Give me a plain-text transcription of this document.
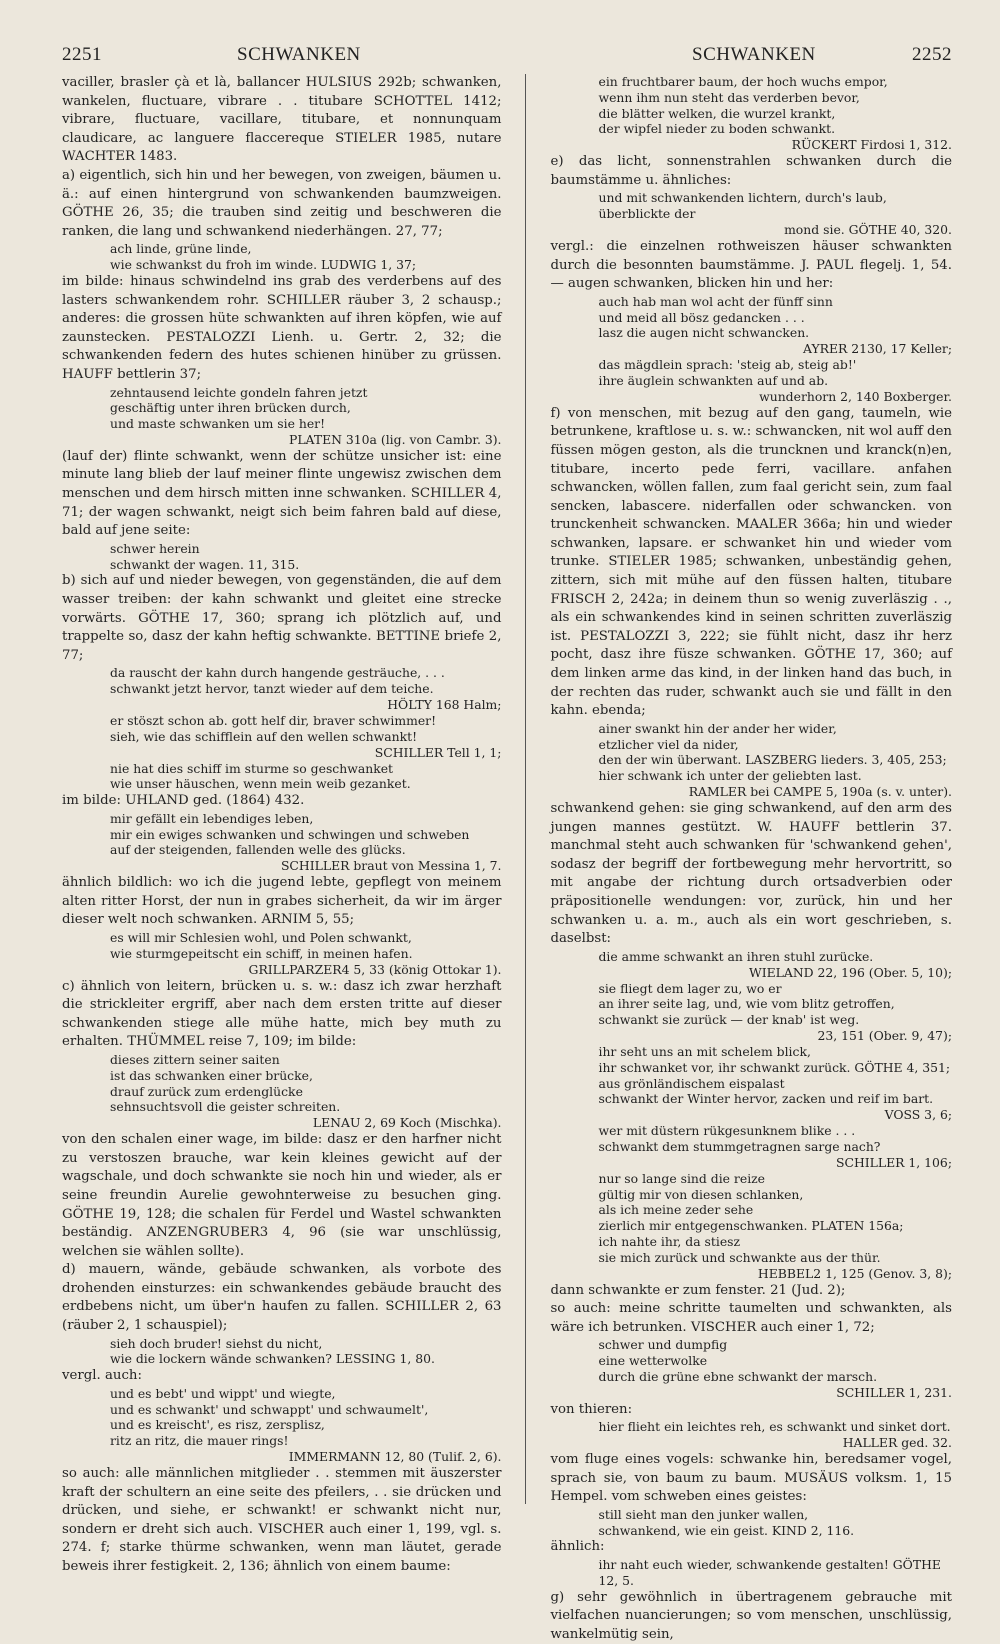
2251	SCHWANKEN	SCHWANKEN	2252
vaciller, brasler çà et là, ballancer HULSIUS 292b; schwanken, wankelen, fluctuare, vibrare . . titubare SCHOTTEL 1412; vibrare, fluctuare, vacillare, titubare, et nonnunquam claudicare, ac languere flaccereque STIELER 1985, nutare WACHTER 1483.
a) eigentlich, sich hin und her bewegen, von zweigen, bäumen u. ä.: auf einen hintergrund von schwankenden baumzweigen. GÖTHE 26, 35; die trauben sind zeitig und beschweren die ranken, die lang und schwankend niederhängen. 27, 77;
ach linde, grüne linde,
wie schwankst du froh im winde. LUDWIG 1, 37;
im bilde: hinaus schwindelnd ins grab des verderbens auf des lasters schwankendem rohr. SCHILLER räuber 3, 2 schausp.; anderes: die grossen hüte schwankten auf ihren köpfen, wie auf zaunstecken. PESTALOZZI Lienh. u. Gertr. 2, 32; die schwankenden federn des hutes schienen hinüber zu grüssen. HAUFF bettlerin 37;
zehntausend leichte gondeln fahren jetzt
geschäftig unter ihren brücken durch,
und maste schwanken um sie her!
PLATEN 310a (lig. von Cambr. 3).
(lauf der) flinte schwankt, wenn der schütze unsicher ist: eine minute lang blieb der lauf meiner flinte ungewisz zwischen dem menschen und dem hirsch mitten inne schwanken. SCHILLER 4, 71; der wagen schwankt, neigt sich beim fahren bald auf diese, bald auf jene seite:
schwer herein
schwankt der wagen. 11, 315.
b) sich auf und nieder bewegen, von gegenständen, die auf dem wasser treiben: der kahn schwankt und gleitet eine strecke vorwärts. GÖTHE 17, 360; sprang ich plötzlich auf, und trappelte so, dasz der kahn heftig schwankte. BETTINE briefe 2, 77;
da rauscht der kahn durch hangende gesträuche, . . .
schwankt jetzt hervor, tanzt wieder auf dem teiche.
HÖLTY 168 Halm;
er stöszt schon ab. gott helf dir, braver schwimmer!
sieh, wie das schifflein auf den wellen schwankt!
SCHILLER Tell 1, 1;
nie hat dies schiff im sturme so geschwanket
wie unser häuschen, wenn mein weib gezanket.
im bilde: UHLAND ged. (1864) 432.
mir gefällt ein lebendiges leben,
mir ein ewiges schwanken und schwingen und schweben
auf der steigenden, fallenden welle des glücks.
SCHILLER braut von Messina 1, 7.
ähnlich bildlich: wo ich die jugend lebte, gepflegt von meinem alten ritter Horst, der nun in grabes sicherheit, da wir im ärger dieser welt noch schwanken. ARNIM 5, 55;
es will mir Schlesien wohl, und Polen schwankt,
wie sturmgepeitscht ein schiff, in meinen hafen.
GRILLPARZER4 5, 33 (könig Ottokar 1).
c) ähnlich von leitern, brücken u. s. w.: dasz ich zwar herzhaft die strickleiter ergriff, aber nach dem ersten tritte auf dieser schwankenden stiege alle mühe hatte, mich bey muth zu erhalten. THÜMMEL reise 7, 109; im bilde:
dieses zittern seiner saiten
ist das schwanken einer brücke,
drauf zurück zum erdenglücke
sehnsuchtsvoll die geister schreiten.
LENAU 2, 69 Koch (Mischka).
von den schalen einer wage, im bilde: dasz er den harfner nicht zu verstoszen brauche, war kein kleines gewicht auf der wagschale, und doch schwankte sie noch hin und wieder, als er seine freundin Aurelie gewohnterweise zu besuchen ging. GÖTHE 19, 128; die schalen für Ferdel und Wastel schwankten beständig. ANZENGRUBER3 4, 96 (sie war unschlüssig, welchen sie wählen sollte).
d) mauern, wände, gebäude schwanken, als vorbote des drohenden einsturzes: ein schwankendes gebäude braucht des erdbebens nicht, um über'n haufen zu fallen. SCHILLER 2, 63 (räuber 2, 1 schauspiel);
sieh doch bruder! siehst du nicht,
wie die lockern wände schwanken? LESSING 1, 80.
vergl. auch:
und es bebt' und wippt' und wiegte,
und es schwankt' und schwappt' und schwaumelt',
und es kreischt', es risz, zersplisz,
ritz an ritz, die mauer rings!
IMMERMANN 12, 80 (Tulif. 2, 6).
so auch: alle männlichen mitglieder . . stemmen mit äuszerster kraft der schultern an eine seite des pfeilers, . . sie drücken und drücken, und siehe, er schwankt! er schwankt nicht nur, sondern er dreht sich auch. VISCHER auch einer 1, 199, vgl. s. 274. f; starke thürme schwanken, wenn man läutet, gerade beweis ihrer festigkeit. 2, 136; ähnlich von einem baume:
ein fruchtbarer baum, der hoch wuchs empor,
wenn ihm nun steht das verderben bevor,
die blätter welken, die wurzel krankt,
der wipfel nieder zu boden schwankt.
RÜCKERT Firdosi 1, 312.
e) das licht, sonnenstrahlen schwanken durch die baumstämme u. ähnliches:
und mit schwankenden lichtern, durch's laub, überblickte der
mond sie. GÖTHE 40, 320.
vergl.: die einzelnen rothweiszen häuser schwankten durch die besonnten baumstämme. J. PAUL flegelj. 1, 54. — augen schwanken, blicken hin und her:
auch hab man wol acht der fünff sinn
und meid all bösz gedancken . . .
lasz die augen nicht schwancken.
AYRER 2130, 17 Keller;
das mägdlein sprach: 'steig ab, steig ab!'
ihre äuglein schwankten auf und ab.
wunderhorn 2, 140 Boxberger.
f) von menschen, mit bezug auf den gang, taumeln, wie betrunkene, kraftlose u. s. w.: schwancken, nit wol auff den füssen mögen geston, als die truncknen und kranck(n)en, titubare, incerto pede ferri, vacillare. anfahen schwancken, wöllen fallen, zum faal gericht sein, zum faal sencken, labascere. niderfallen oder schwancken. von trunckenheit schwancken. MAALER 366a; hin und wieder schwanken, lapsare. er schwanket hin und wieder vom trunke. STIELER 1985; schwanken, unbeständig gehen, zittern, sich mit mühe auf den füssen halten, titubare FRISCH 2, 242a; in deinem thun so wenig zuverläszig . ., als ein schwankendes kind in seinen schritten zuverläszig ist. PESTALOZZI 3, 222; sie fühlt nicht, dasz ihr herz pocht, dasz ihre füsze schwanken. GÖTHE 17, 360; auf dem linken arme das kind, in der linken hand das buch, in der rechten das ruder, schwankt auch sie und fällt in den kahn. ebenda;
ainer swankt hin der ander her wider,
etzlicher viel da nider,
den der win überwant. LASZBERG lieders. 3, 405, 253;
hier schwank ich unter der geliebten last.
RAMLER bei CAMPE 5, 190a (s. v. unter).
schwankend gehen: sie ging schwankend, auf den arm des jungen mannes gestützt. W. HAUFF bettlerin 37. manchmal steht auch schwanken für 'schwankend gehen', sodasz der begriff der fortbewegung mehr hervortritt, so mit angabe der richtung durch ortsadverbien oder präpositionelle wendungen: vor, zurück, hin und her schwanken u. a. m., auch als ein wort geschrieben, s. daselbst:
die amme schwankt an ihren stuhl zurücke.
WIELAND 22, 196 (Ober. 5, 10);
sie fliegt dem lager zu, wo er
an ihrer seite lag, und, wie vom blitz getroffen,
schwankt sie zurück — der knab' ist weg.
23, 151 (Ober. 9, 47);
ihr seht uns an mit schelem blick,
ihr schwanket vor, ihr schwankt zurück. GÖTHE 4, 351;
aus grönländischem eispalast
schwankt der Winter hervor, zacken und reif im bart.
VOSS 3, 6;
wer mit düstern rükgesunknem blike . . .
schwankt dem stummgetragnen sarge nach?
SCHILLER 1, 106;
nur so lange sind die reize
gültig mir von diesen schlanken,
als ich meine zeder sehe
zierlich mir entgegenschwanken. PLATEN 156a;
ich nahte ihr, da stiesz
sie mich zurück und schwankte aus der thür.
HEBBEL2 1, 125 (Genov. 3, 8);
dann schwankte er zum fenster. 21 (Jud. 2);
so auch: meine schritte taumelten und schwankten, als wäre ich betrunken. VISCHER auch einer 1, 72;
schwer und dumpfig
eine wetterwolke
durch die grüne ebne schwankt der marsch.
SCHILLER 1, 231.
von thieren:
hier flieht ein leichtes reh, es schwankt und sinket dort.
HALLER ged. 32.
vom fluge eines vogels: schwanke hin, beredsamer vogel, sprach sie, von baum zu baum. MUSÄUS volksm. 1, 15 Hempel. vom schweben eines geistes:
still sieht man den junker wallen,
schwankend, wie ein geist. KIND 2, 116.
ähnlich:
ihr naht euch wieder, schwankende gestalten! GÖTHE 12, 5.
g) sehr gewöhnlich in übertragenem gebrauche mit vielfachen nuancierungen; so vom menschen, unschlüssig, wankelmütig sein,
